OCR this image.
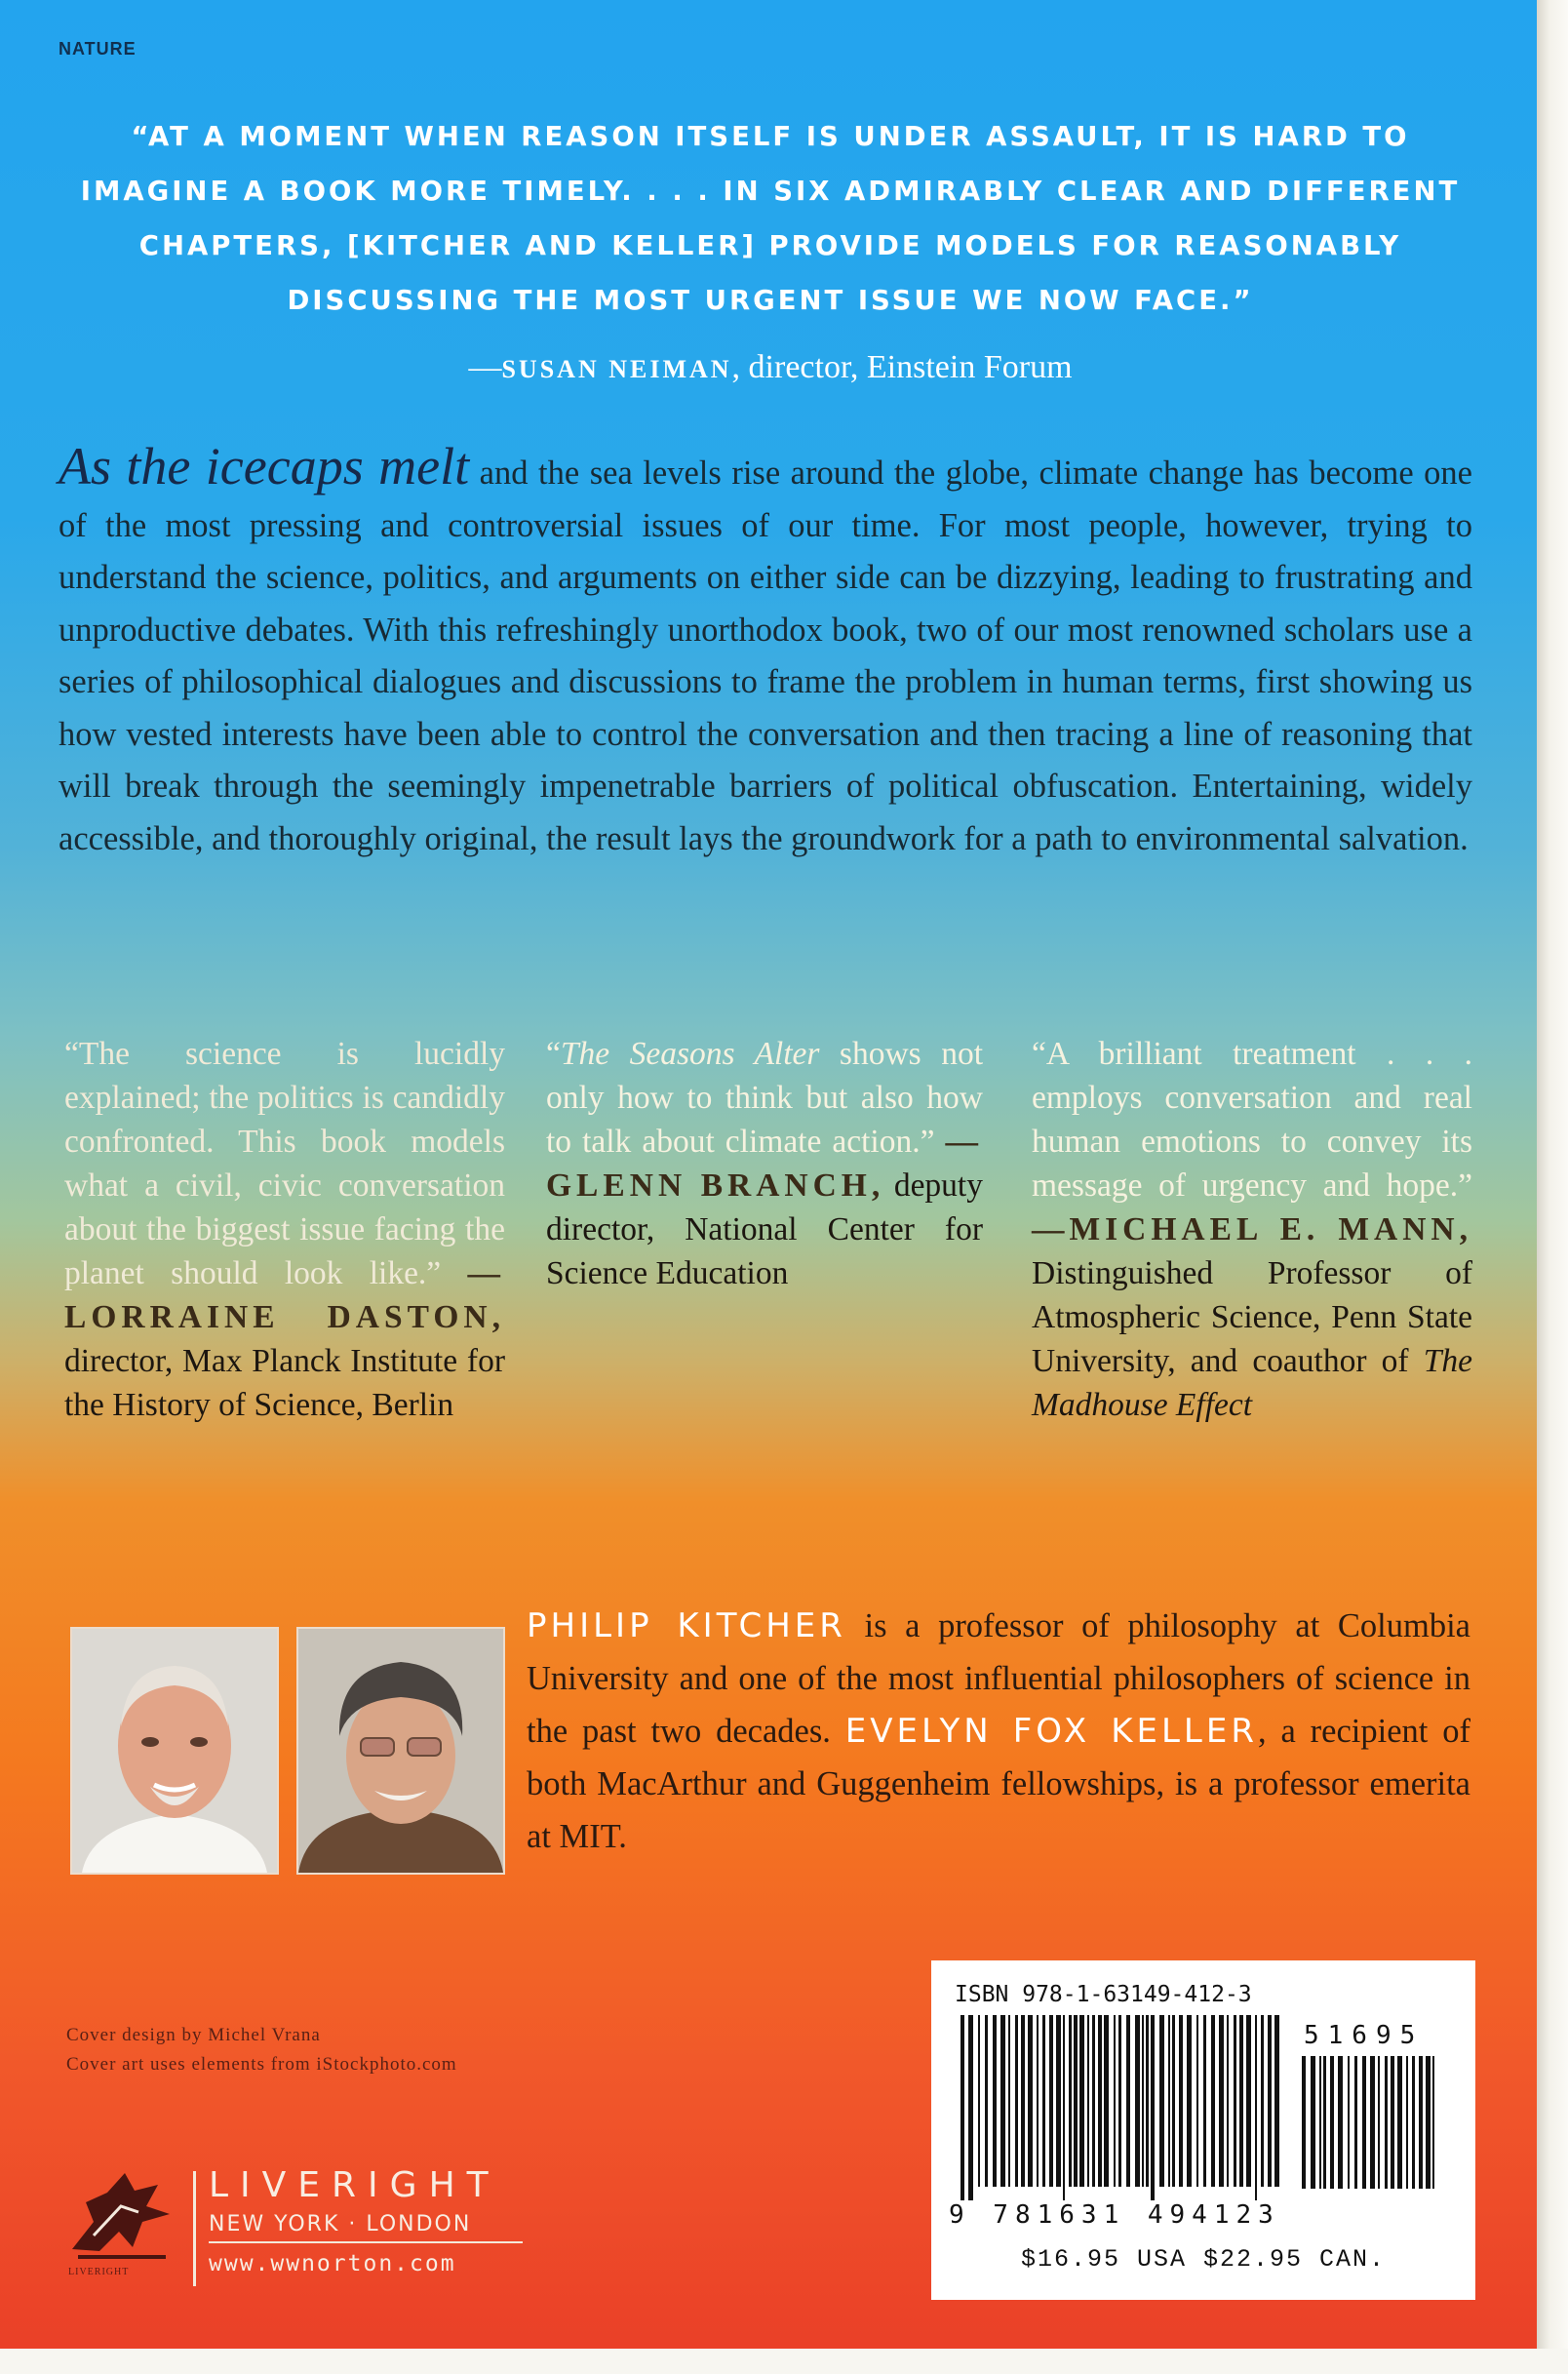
NATURE
“AT A MOMENT WHEN REASON ITSELF IS UNDER ASSAULT, IT IS HARD TO IMAGINE A BOOK MORE TIMELY. . . . IN SIX ADMIRABLY CLEAR AND DIFFERENT CHAPTERS, [KITCHER AND KELLER] PROVIDE MODELS FOR REASONABLY DISCUSSING THE MOST URGENT ISSUE WE NOW FACE.”
—SUSAN NEIMAN, director, Einstein Forum
As the icecaps melt and the sea levels rise around the globe, climate change has become one of the most pressing and controversial issues of our time. For most people, however, trying to understand the science, politics, and arguments on either side can be dizzying, leading to frustrating and unproductive debates. With this refreshingly unorthodox book, two of our most renowned scholars use a series of philosophical dialogues and discussions to frame the problem in human terms, first showing us how vested interests have been able to control the conversation and then tracing a line of reasoning that will break through the seemingly impenetrable barriers of political obfuscation. Entertaining, widely accessible, and thoroughly original, the result lays the groundwork for a path to environmental salvation.
“The science is lucidly explained; the politics is candidly confronted. This book models what a civil, civic conversation about the biggest issue facing the planet should look like.” —LORRAINE DASTON, director, Max Planck Institute for the History of Science, Berlin
“The Seasons Alter shows not only how to think but also how to talk about climate action.” —GLENN BRANCH, deputy director, National Center for Science Education
“A brilliant treatment . . . employs conversation and real human emotions to convey its message of urgency and hope.” —MICHAEL E. MANN, Distinguished Professor of Atmospheric Science, Penn State University, and coauthor of The Madhouse Effect
PHILIP KITCHER is a professor of philosophy at Columbia University and one of the most influential philosophers of science in the past two decades. EVELYN FOX KELLER, a recipient of both MacArthur and Guggenheim fellowships, is a professor emerita at MIT.
Cover design by Michel Vrana
Cover art uses elements from iStockphoto.com
LIVERIGHT
NEW YORK · LONDON
www.wwnorton.com
LIVERIGHT
ISBN 978-1-63149-412-3
51695
9 781631 494123
$16.95 USA $22.95 CAN.
